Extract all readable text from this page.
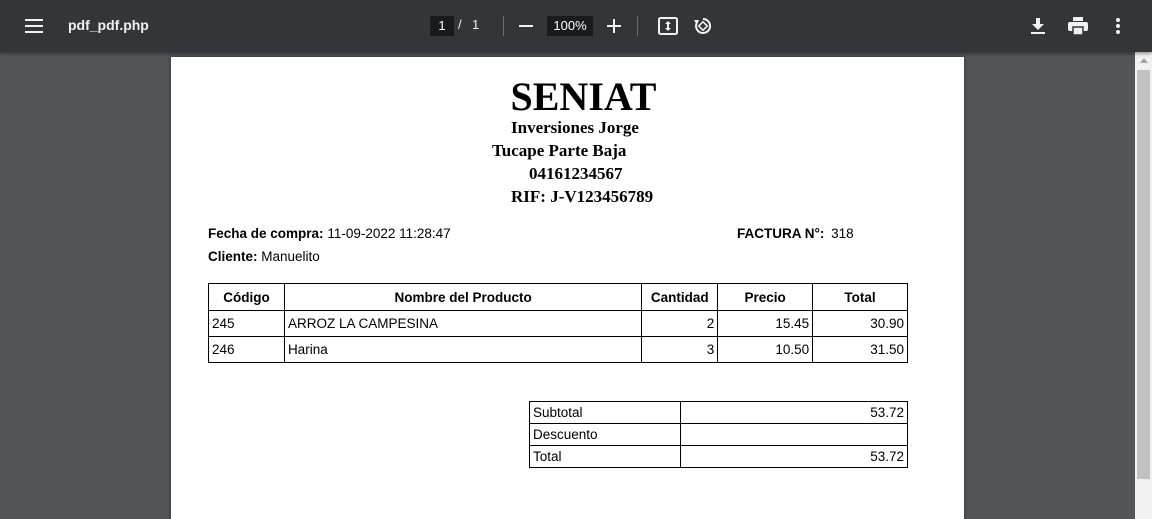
pdf_pdf.php	1 / 1	100%
SENIAT
Inversiones Jorge
Tucape Parte Baja
04161234567
RIF: J-V123456789
Fecha de compra: 11-09-2022 11:28:47	FACTURA N°: 318
Cliente: Manuelito
Código	Nombre del Producto	Cantidad	Precio	Total
245	ARROZ LA CAMPESINA	2	15.45	30.90
246	Harina	3	10.50	31.50
Subtotal	53.72
Descuento	
Total	53.72
